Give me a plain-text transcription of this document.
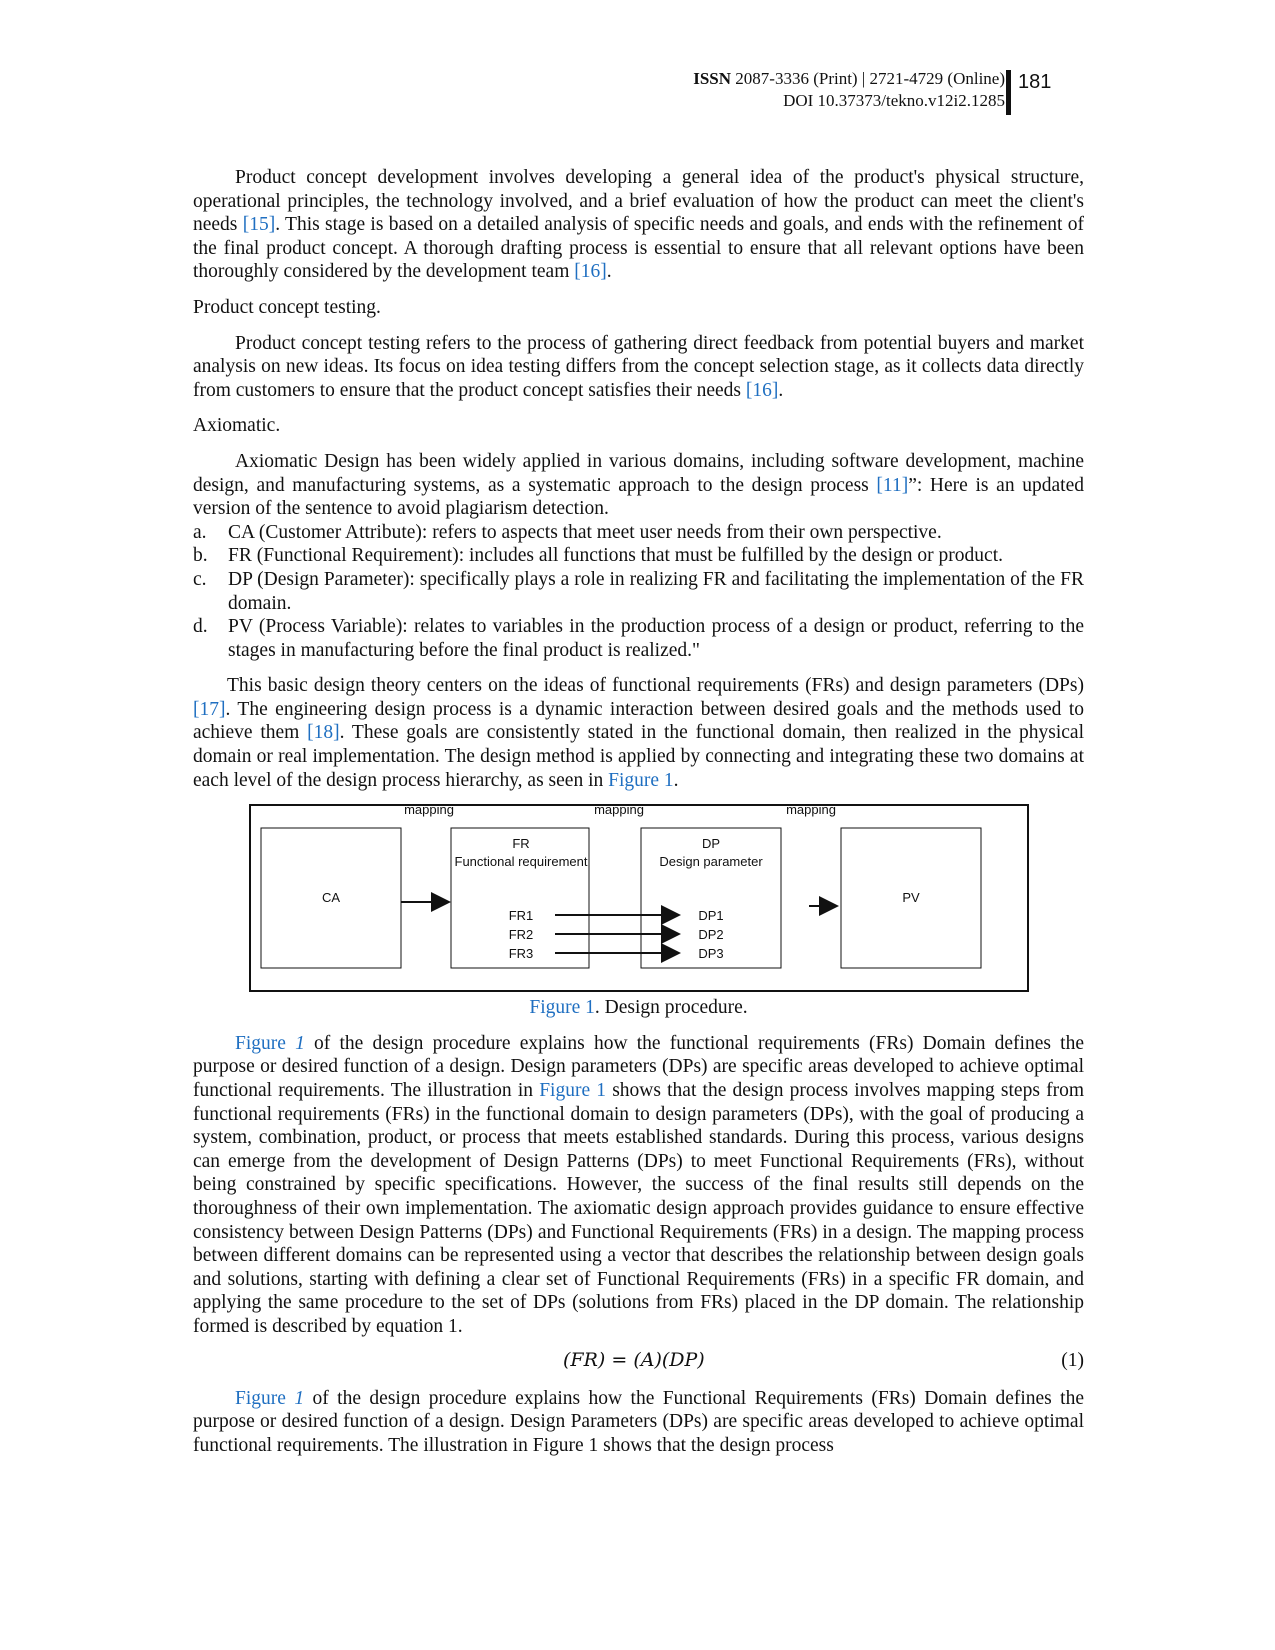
ISSN 2087-3336 (Print) | 2721-4729 (Online)
DOI 10.37373/tekno.v12i2.1285
181

Product concept development involves developing a general idea of the product's physical structure, operational principles, the technology involved, and a brief evaluation of how the product can meet the client's needs [15]. This stage is based on a detailed analysis of specific needs and goals, and ends with the refinement of the final product concept. A thorough drafting process is essential to ensure that all relevant options have been thoroughly considered by the development team [16].

Product concept testing.

Product concept testing refers to the process of gathering direct feedback from potential buyers and market analysis on new ideas. Its focus on idea testing differs from the concept selection stage, as it collects data directly from customers to ensure that the product concept satisfies their needs [16].

Axiomatic.

Axiomatic Design has been widely applied in various domains, including software development, machine design, and manufacturing systems, as a systematic approach to the design process [11]”: Here is an updated version of the sentence to avoid plagiarism detection.

a. CA (Customer Attribute): refers to aspects that meet user needs from their own perspective.
b. FR (Functional Requirement): includes all functions that must be fulfilled by the design or product.
c. DP (Design Parameter): specifically plays a role in realizing FR and facilitating the implementation of the FR domain.
d. PV (Process Variable): relates to variables in the production process of a design or product, referring to the stages in manufacturing before the final product is realized."

This basic design theory centers on the ideas of functional requirements (FRs) and design parameters (DPs) [17]. The engineering design process is a dynamic interaction between desired goals and the methods used to achieve them [18]. These goals are consistently stated in the functional domain, then realized in the physical domain or real implementation. The design method is applied by connecting and integrating these two domains at each level of the design process hierarchy, as seen in Figure 1.

mapping	mapping	mapping
CA
FR
Functional requirement
FR1
FR2
FR3
DP
Design parameter
DP1
DP2
DP3
PV

Figure 1. Design procedure.

Figure 1 of the design procedure explains how the functional requirements (FRs) Domain defines the purpose or desired function of a design. Design parameters (DPs) are specific areas developed to achieve optimal functional requirements. The illustration in Figure 1 shows that the design process involves mapping steps from functional requirements (FRs) in the functional domain to design parameters (DPs), with the goal of producing a system, combination, product, or process that meets established standards. During this process, various designs can emerge from the development of Design Patterns (DPs) to meet Functional Requirements (FRs), without being constrained by specific specifications. However, the success of the final results still depends on the thoroughness of their own implementation. The axiomatic design approach provides guidance to ensure effective consistency between Design Patterns (DPs) and Functional Requirements (FRs) in a design. The mapping process between different domains can be represented using a vector that describes the relationship between design goals and solutions, starting with defining a clear set of Functional Requirements (FRs) in a specific FR domain, and applying the same procedure to the set of DPs (solutions from FRs) placed in the DP domain. The relationship formed is described by equation 1.

(FR) = (A)(DP)	(1)

Figure 1 of the design procedure explains how the Functional Requirements (FRs) Domain defines the purpose or desired function of a design. Design Parameters (DPs) are specific areas developed to achieve optimal functional requirements. The illustration in Figure 1 shows that the design process
